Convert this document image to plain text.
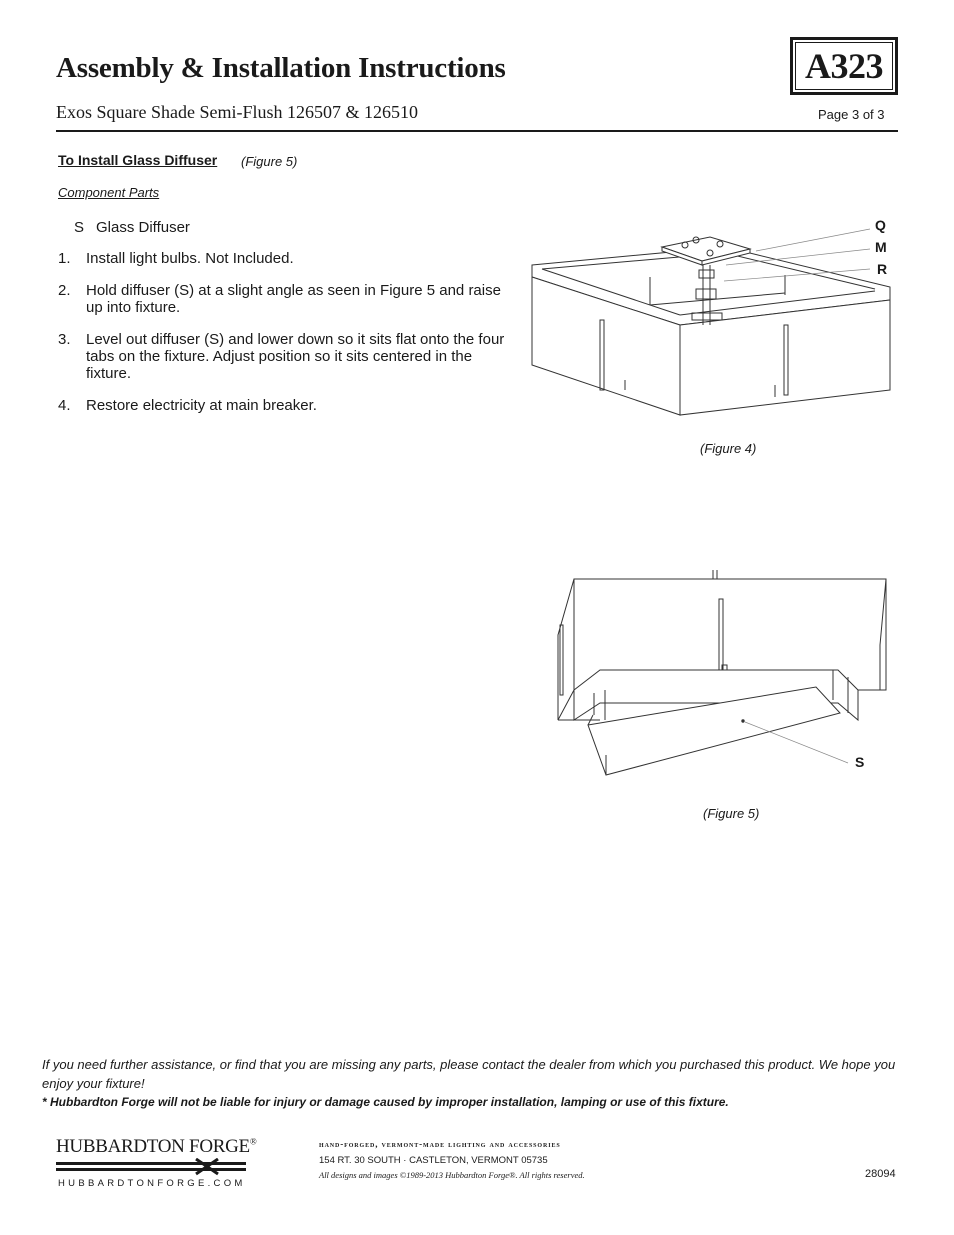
Assembly & Installation Instructions
Exos Square Shade Semi-Flush 126507 & 126510
A323
Page 3 of 3
To Install Glass Diffuser (Figure 5)
Component Parts
S Glass Diffuser
1. Install light bulbs. Not Included.
2. Hold diffuser (S) at a slight angle as seen in Figure 5 and raise up into fixture.
3. Level out diffuser (S) and lower down so it sits flat onto the four tabs on the fixture. Adjust position so it sits centered in the fixture.
4. Restore electricity at main breaker.
Q
M
R
(Figure 4)
S
(Figure 5)
If you need further assistance, or find that you are missing any parts, please contact the dealer from which you purchased this product. We hope you enjoy your fixture!
* Hubbardton Forge will not be liable for injury or damage caused by improper installation, lamping or use of this fixture.
HUBBARDTON FORGE®
HUBBARDTONFORGE.COM
hand-forged, vermont-made lighting and accessories
154 RT. 30 SOUTH · CASTLETON, VERMONT 05735
All designs and images ©1989-2013 Hubbardton Forge®. All rights reserved.	28094
